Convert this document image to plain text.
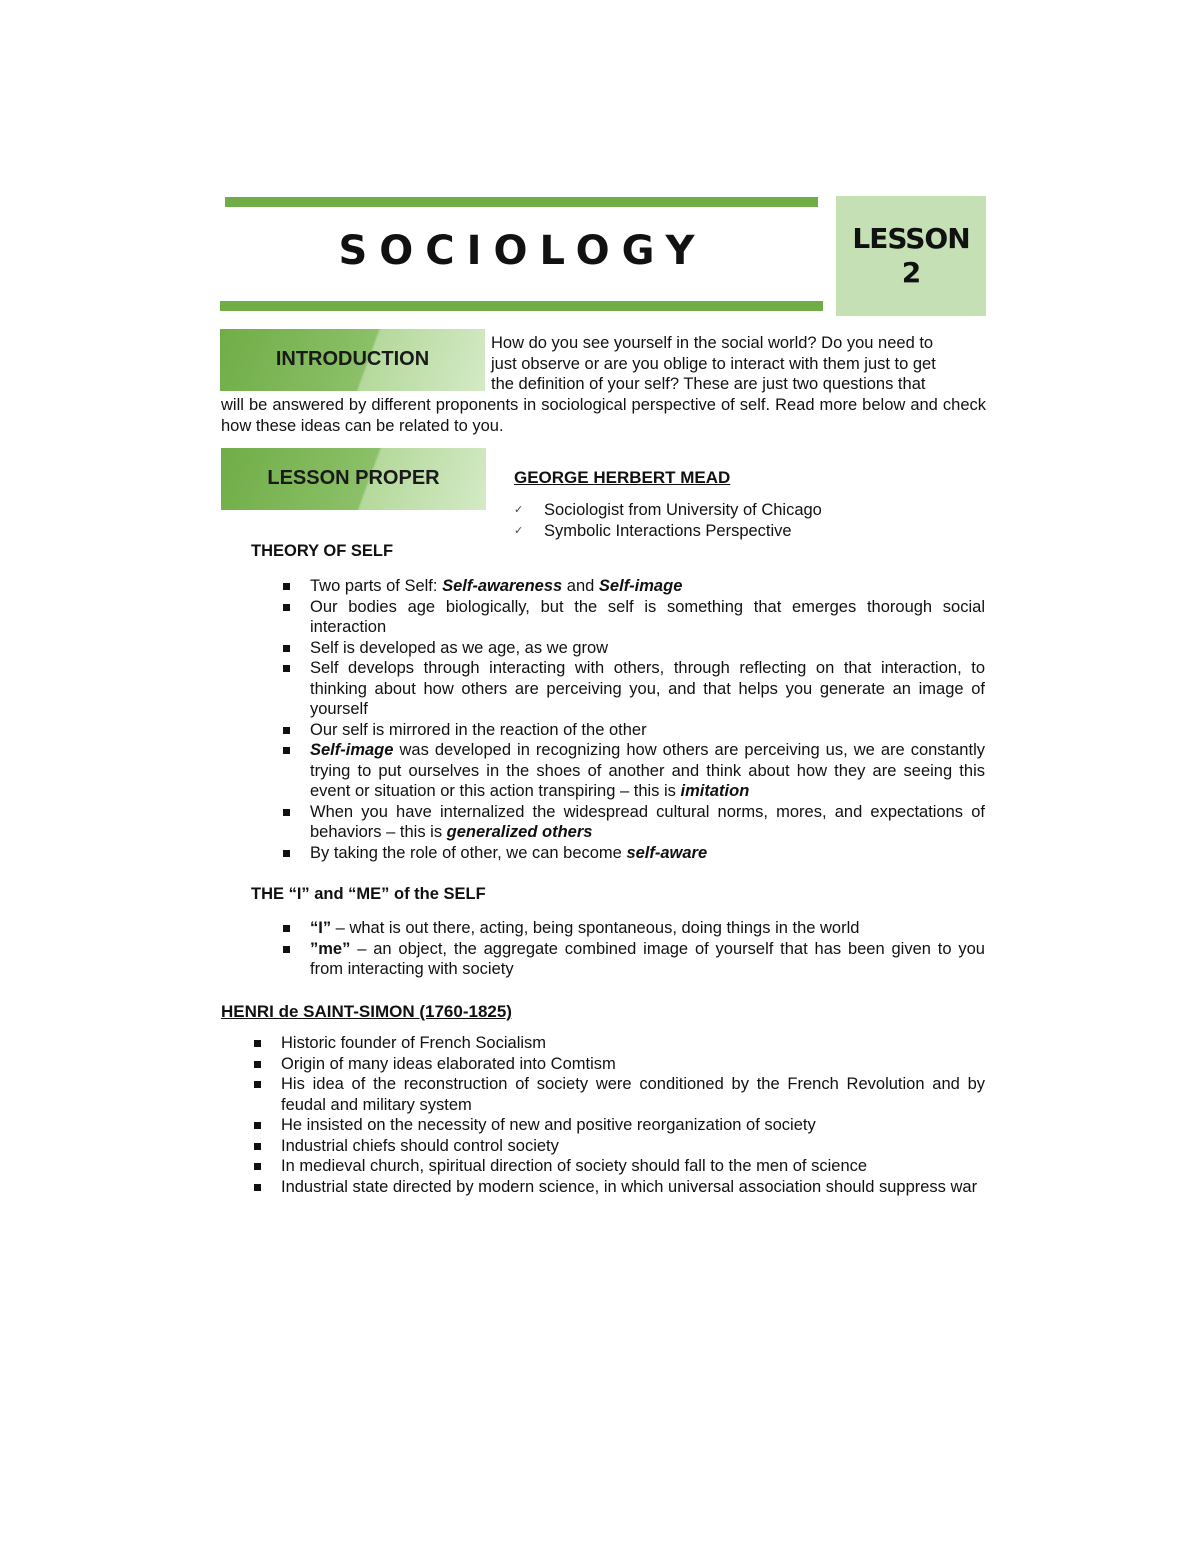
SOCIOLOGY	LESSON
2
INTRODUCTION
How do you see yourself in the social world? Do you need to
just observe or are you oblige to interact with them just to get
the definition of your self? These are just two questions that
will be answered by different proponents in sociological perspective of self. Read more below and check how these ideas can be related to you.
LESSON PROPER	GEORGE HERBERT MEAD
✓ Sociologist from University of Chicago
✓ Symbolic Interactions Perspective
THEORY OF SELF
Two parts of Self: Self-awareness and Self-image
Our bodies age biologically, but the self is something that emerges thorough social interaction
Self is developed as we age, as we grow
Self develops through interacting with others, through reflecting on that interaction, to thinking about how others are perceiving you, and that helps you generate an image of yourself
Our self is mirrored in the reaction of the other
Self-image was developed in recognizing how others are perceiving us, we are constantly trying to put ourselves in the shoes of another and think about how they are seeing this event or situation or this action transpiring – this is imitation
When you have internalized the widespread cultural norms, mores, and expectations of behaviors – this is generalized others
By taking the role of other, we can become self-aware
THE “I” and “ME” of the SELF
“I” – what is out there, acting, being spontaneous, doing things in the world
”me” – an object, the aggregate combined image of yourself that has been given to you from interacting with society
HENRI de SAINT-SIMON (1760-1825)
Historic founder of French Socialism
Origin of many ideas elaborated into Comtism
His idea of the reconstruction of society were conditioned by the French Revolution and by feudal and military system
He insisted on the necessity of new and positive reorganization of society
Industrial chiefs should control society
In medieval church, spiritual direction of society should fall to the men of science
Industrial state directed by modern science, in which universal association should suppress war
